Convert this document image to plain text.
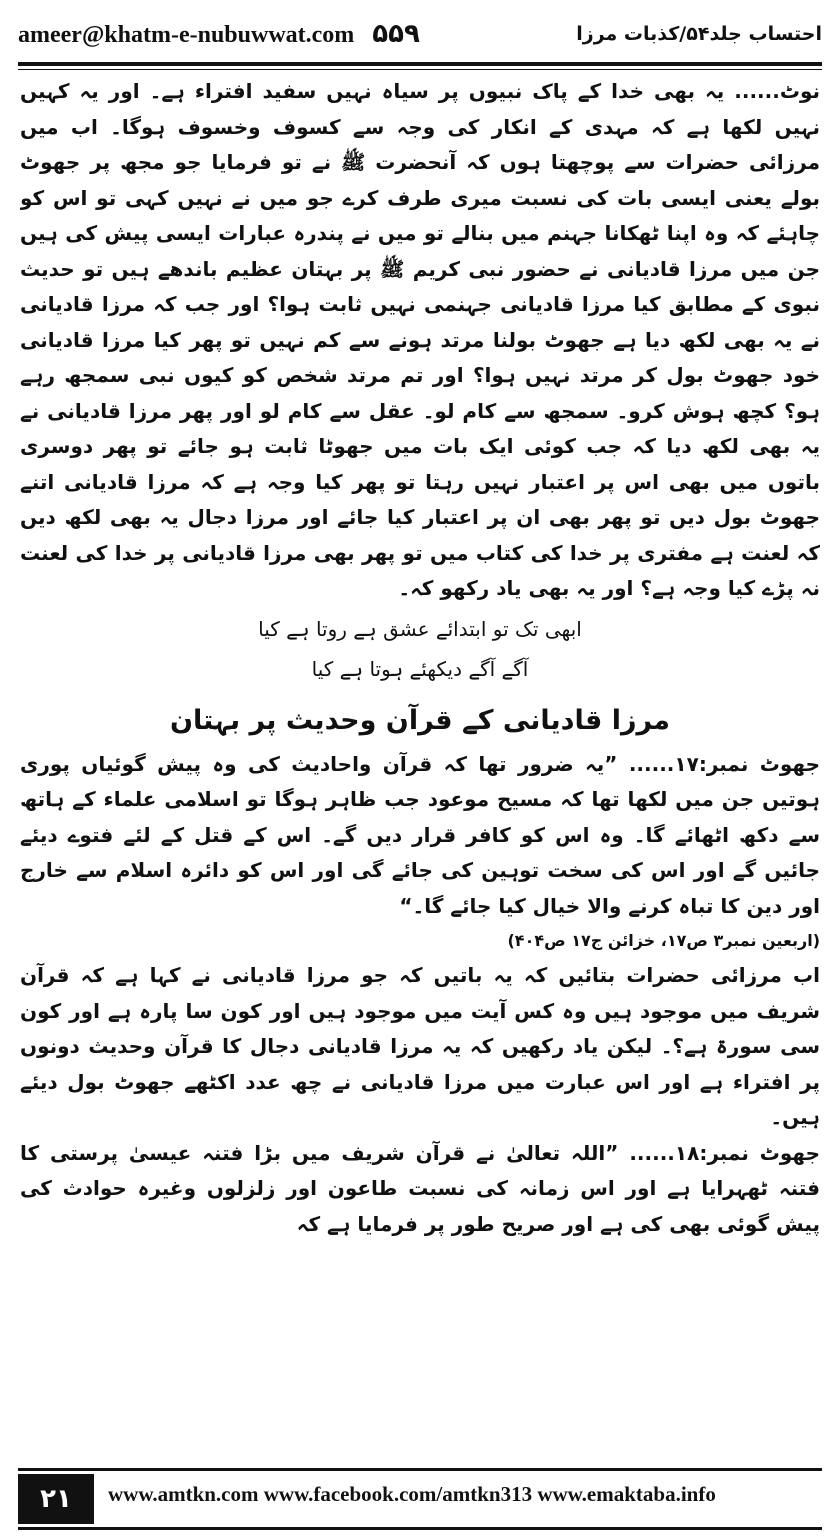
ameer@khatm-e-nubuwwat.com ۵۵۹	احتساب جلد۵۴/کذبات مرزا

نوٹ...... یہ بھی خدا کے پاک نبیوں پر سیاہ نہیں سفید افتراء ہے۔ اور یہ کہیں نہیں لکھا ہے کہ مہدی کے انکار کی وجہ سے کسوف وخسوف ہوگا۔ اب میں مرزائی حضرات سے پوچھتا ہوں کہ آنحضرت ﷺ نے تو فرمایا جو مجھ پر جھوٹ بولے یعنی ایسی بات کی نسبت میری طرف کرے جو میں نے نہیں کہی تو اس کو چاہئے کہ وہ اپنا ٹھکانا جہنم میں بنالے تو میں نے پندرہ عبارات ایسی پیش کی ہیں جن میں مرزا قادیانی نے حضور نبی کریم ﷺ پر بہتان عظیم باندھے ہیں تو حدیث نبوی کے مطابق کیا مرزا قادیانی جہنمی نہیں ثابت ہوا؟ اور جب کہ مرزا قادیانی نے یہ بھی لکھ دیا ہے جھوٹ بولنا مرتد ہونے سے کم نہیں تو پھر کیا مرزا قادیانی خود جھوٹ بول کر مرتد نہیں ہوا؟ اور تم مرتد شخص کو کیوں نبی سمجھ رہے ہو؟ کچھ ہوش کرو۔ سمجھ سے کام لو۔ عقل سے کام لو اور پھر مرزا قادیانی نے یہ بھی لکھ دیا کہ جب کوئی ایک بات میں جھوٹا ثابت ہو جائے تو پھر دوسری باتوں میں بھی اس پر اعتبار نہیں رہتا تو پھر کیا وجہ ہے کہ مرزا قادیانی اتنے جھوٹ بول دیں تو پھر بھی ان پر اعتبار کیا جائے اور مرزا دجال یہ بھی لکھ دیں کہ لعنت ہے مفتری پر خدا کی کتاب میں تو پھر بھی مرزا قادیانی پر خدا کی لعنت نہ پڑے کیا وجہ ہے؟ اور یہ بھی یاد رکھو کہ۔

ابھی تک تو ابتدائے عشق ہے روتا ہے کیا

آگے آگے دیکھئے ہوتا ہے کیا

مرزا قادیانی کے قرآن وحدیث پر بہتان

جھوٹ نمبر:۱۷...... ”یہ ضرور تھا کہ قرآن واحادیث کی وہ پیش گوئیاں پوری ہوتیں جن میں لکھا تھا کہ مسیح موعود جب ظاہر ہوگا تو اسلامی علماء کے ہاتھ سے دکھ اٹھائے گا۔ وہ اس کو کافر قرار دیں گے۔ اس کے قتل کے لئے فتوے دیئے جائیں گے اور اس کی سخت توہین کی جائے گی اور اس کو دائرہ اسلام سے خارج اور دین کا تباہ کرنے والا خیال کیا جائے گا۔“

(اربعین نمبر۳ ص۱۷، خزائن ج۱۷ ص۴۰۴)

اب مرزائی حضرات بتائیں کہ یہ باتیں کہ جو مرزا قادیانی نے کہا ہے کہ قرآن شریف میں موجود ہیں وہ کس آیت میں موجود ہیں اور کون سا پارہ ہے اور کون سی سورۃ ہے؟۔ لیکن یاد رکھیں کہ یہ مرزا قادیانی دجال کا قرآن وحدیث دونوں پر افتراء ہے اور اس عبارت میں مرزا قادیانی نے چھ عدد اکٹھے جھوٹ بول دیئے ہیں۔

جھوٹ نمبر:۱۸...... ”اللہ تعالیٰ نے قرآن شریف میں بڑا فتنہ عیسیٰ پرستی کا فتنہ ٹھہرایا ہے اور اس زمانہ کی نسبت طاعون اور زلزلوں وغیرہ حوادث کی پیش گوئی بھی کی ہے اور صریح طور پر فرمایا ہے کہ

۲۱	www.amtkn.com www.facebook.com/amtkn313 www.emaktaba.info
